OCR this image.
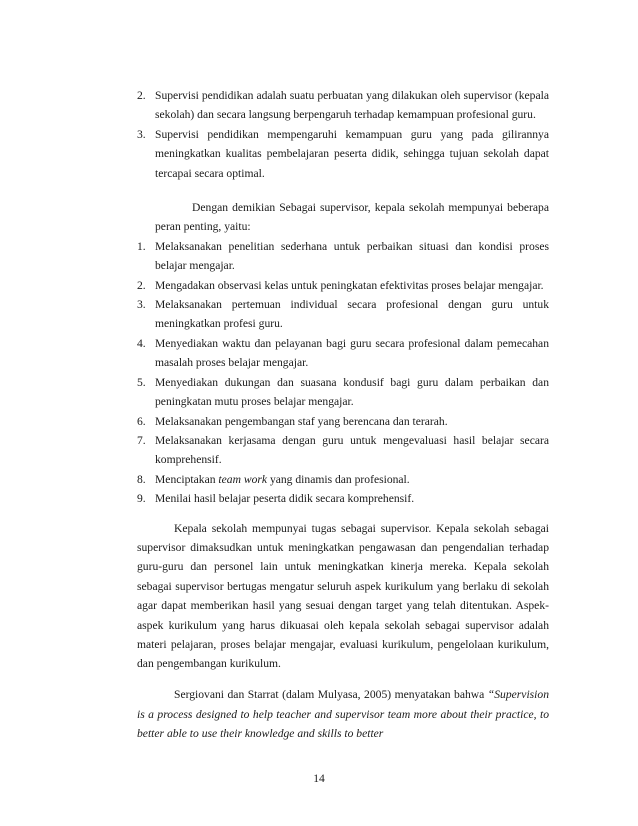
2. Supervisi pendidikan adalah suatu perbuatan yang dilakukan oleh supervisor (kepala sekolah) dan secara langsung berpengaruh terhadap kemampuan profesional guru.
3. Supervisi pendidikan mempengaruhi kemampuan guru yang pada gilirannya meningkatkan kualitas pembelajaran peserta didik, sehingga tujuan sekolah dapat tercapai secara optimal.

Dengan demikian Sebagai supervisor, kepala sekolah mempunyai beberapa peran penting, yaitu:

1. Melaksanakan penelitian sederhana untuk perbaikan situasi dan kondisi proses belajar mengajar.
2. Mengadakan observasi kelas untuk peningkatan efektivitas proses belajar mengajar.
3. Melaksanakan pertemuan individual secara profesional dengan guru untuk meningkatkan profesi guru.
4. Menyediakan waktu dan pelayanan bagi guru secara profesional dalam pemecahan masalah proses belajar mengajar.
5. Menyediakan dukungan dan suasana kondusif bagi guru dalam perbaikan dan peningkatan mutu proses belajar mengajar.
6. Melaksanakan pengembangan staf yang berencana dan terarah.
7. Melaksanakan kerjasama dengan guru untuk mengevaluasi hasil belajar secara komprehensif.
8. Menciptakan team work yang dinamis dan profesional.
9. Menilai hasil belajar peserta didik secara komprehensif.

Kepala sekolah mempunyai tugas sebagai supervisor. Kepala sekolah sebagai supervisor dimaksudkan untuk meningkatkan pengawasan dan pengendalian terhadap guru-guru dan personel lain untuk meningkatkan kinerja mereka. Kepala sekolah sebagai supervisor bertugas mengatur seluruh aspek kurikulum yang berlaku di sekolah agar dapat memberikan hasil yang sesuai dengan target yang telah ditentukan. Aspek-aspek kurikulum yang harus dikuasai oleh kepala sekolah sebagai supervisor adalah materi pelajaran, proses belajar mengajar, evaluasi kurikulum, pengelolaan kurikulum, dan pengembangan kurikulum.

Sergiovani dan Starrat (dalam Mulyasa, 2005) menyatakan bahwa “Supervision is a process designed to help teacher and supervisor team more about their practice, to better able to use their knowledge and skills to better

14
